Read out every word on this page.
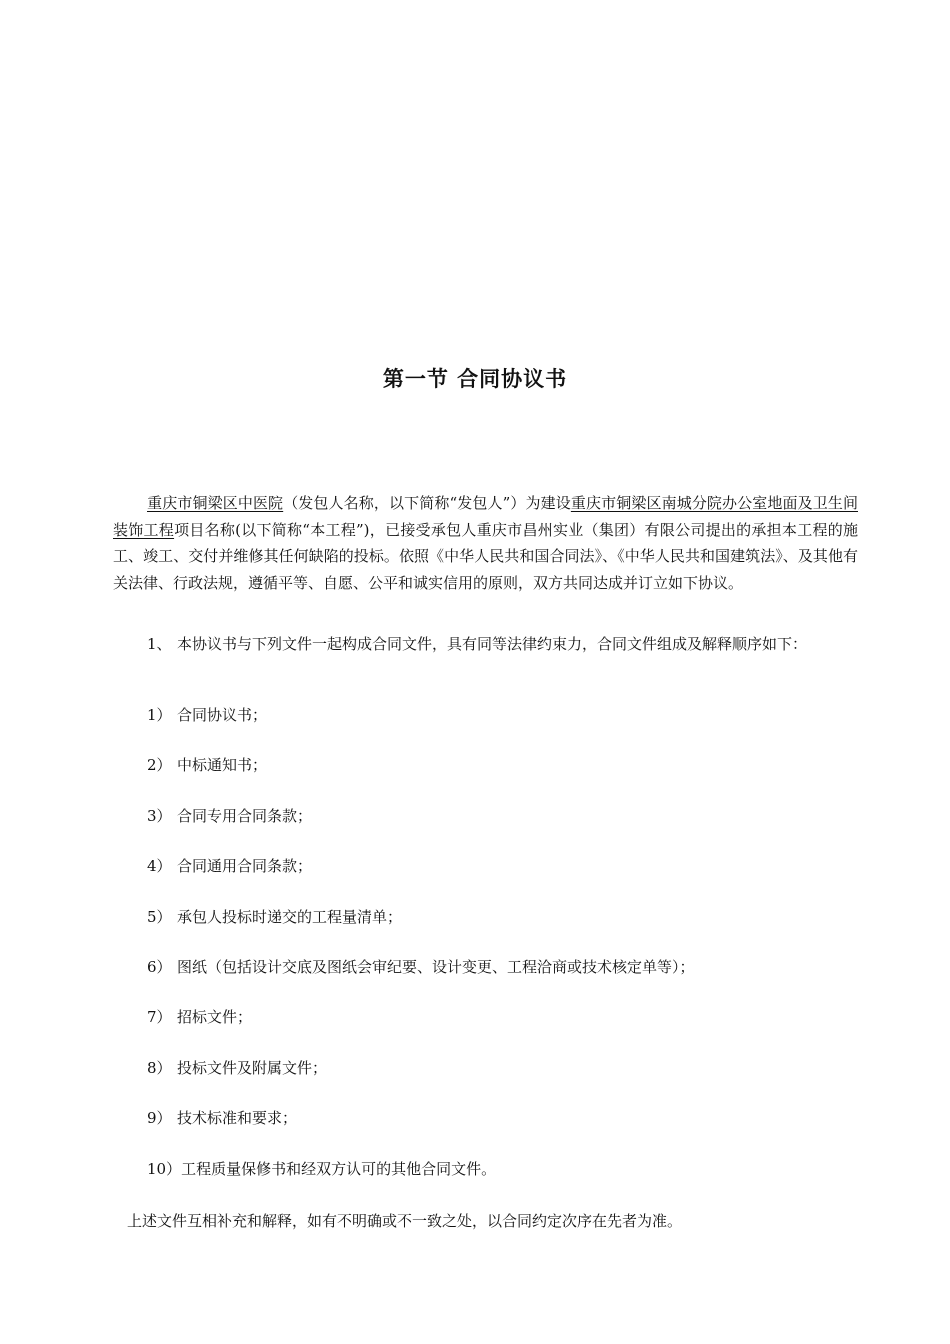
第一节 合同协议书
重庆市铜梁区中医院（发包人名称，以下简称“发包人”）为建设重庆市铜梁区南城分院办公室地面及卫生间装饰工程项目名称(以下简称“本工程”)，已接受承包人重庆市昌州实业（集团）有限公司提出的承担本工程的施工、竣工、交付并维修其任何缺陷的投标。依照《中华人民共和国合同法》、《中华人民共和国建筑法》、及其他有关法律、行政法规，遵循平等、自愿、公平和诚实信用的原则，双方共同达成并订立如下协议。
1、 本协议书与下列文件一起构成合同文件，具有同等法律约束力，合同文件组成及解释顺序如下：
1） 合同协议书；
2） 中标通知书；
3） 合同专用合同条款；
4） 合同通用合同条款；
5） 承包人投标时递交的工程量清单；
6） 图纸（包括设计交底及图纸会审纪要、设计变更、工程洽商或技术核定单等）；
7） 招标文件；
8） 投标文件及附属文件；
9） 技术标准和要求；
10）工程质量保修书和经双方认可的其他合同文件。
上述文件互相补充和解释，如有不明确或不一致之处，以合同约定次序在先者为准。
